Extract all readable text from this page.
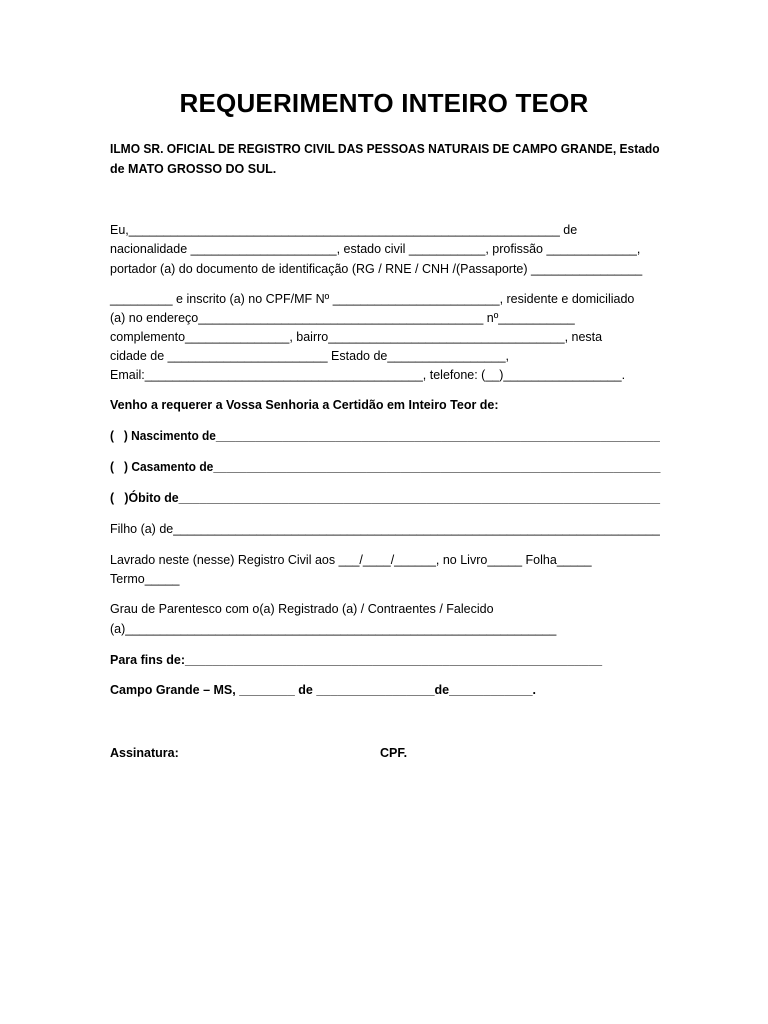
REQUERIMENTO INTEIRO TEOR
ILMO SR. OFICIAL DE REGISTRO CIVIL DAS PESSOAS NATURAIS DE CAMPO GRANDE, Estado
de MATO GROSSO DO SUL.
Eu,______________________________________________________________ de
nacionalidade _____________________, estado civil ___________, profissão _____________,
portador (a) do documento de identificação (RG / RNE / CNH /(Passaporte) ________________
_________ e inscrito (a) no CPF/MF Nº ________________________, residente e domiciliado
(a) no endereço_________________________________________ nº___________
complemento_______________, bairro__________________________________, nesta
cidade de _______________________ Estado de_________________,
Email:________________________________________, telefone: (__)_________________.
Venho a requerer a Vossa Senhoria a Certidão em Inteiro Teor de:
(   ) Nascimento de___________________________________________________________________
(   ) Casamento de___________________________________________________________________
(   )Óbito de______________________________________________________________________
Filho (a) de______________________________________________________________________
Lavrado neste (nesse) Registro Civil aos ___/____/______, no Livro_____ Folha_____
Termo_____
Grau de Parentesco com o(a) Registrado (a) / Contraentes / Falecido
(a)______________________________________________________________
Para fins de:____________________________________________________________
Campo Grande – MS, ________ de _________________de____________.
Assinatura:	CPF.
